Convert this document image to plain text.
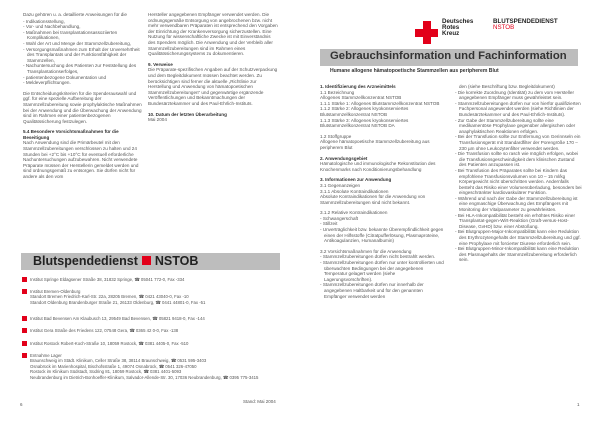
Dazu gehören u. a. detaillierte Anweisungen für die

- Indikationsstellung,
- Vor- und Nachbehandlung,
- Maßnahmen bei transplantationsassoziierten Komplikationen,
- Wahl der Art und Menge der Stammzellzubereitung,
- Versorgungsmaßnahmen zum Erhalt der Unversehrtheit des Transplantats und der Funktionsfähigkeit der Stammzellen,
- Nachuntersuchung des Patienten zur Feststellung des Transplantationserfolges,
- patientenbezogene Dokumentation und
- Meldeverpflichtungen.

Die Entscheidungskriterien für die Spenderauswahl und ggf. für eine spezielle Aufbereitung der Stammzellzubereitung sowie prophylaktische Maßnahmen bei der Anwendung und die Überwachung der Anwendung sind im Rahmen einer patientenbezogenen Qualitätssicherung festzulegen.

5.4 Besondere Vorsichtsmaßnahmen für die Beseitigung

Nach Anwendung sind die Primärbeutel mit den Stammzellzubereitungen verschlossen zu halten und 24 Stunden bei +2°C bis +10°C für eventuell erforderliche Nachuntersuchungen aufzubewahren. Nicht verwendete Präparate müssen der Herstellerin gemeldet werden und sind ordnungsgemäß zu entsorgen. Sie dürfen nicht für andere als den vom

Hersteller angegebenen Empfänger verwendet werden. Die ordnungsgemäße Entsorgung von angebrochenen bzw. nicht mehr verwendbaren Präparaten ist entsprechend den Vorgaben der Einrichtung der Krankenversorgung sicherzustellen. Eine Nutzung für wissenschaftliche Zwecke ist mit Einverständnis des Spenders möglich. Die Anwendung und der Verbleib aller Stammzellzubereitungen sind im Rahmen eines Qualitätssicherungssystems zu dokumentieren.

9. Verweise

Die Präparate-spezifischen Angaben auf der Schutzverpackung und dem Begleitdokument müssen beachtet werden. Zu berücksichtigen sind ferner die aktuelle „Richtlinie zur Herstellung und Anwendung von hämatopoetischen Stammzellzubereitungen“ und gegenwärtige ergänzende Veröffentlichungen und Bekanntmachungen der Bundesärztekammer und des Paul-Ehrlich-Instituts.

10. Datum der letzten Überarbeitung

Mai 2004

Blutspendedienst NSTOB
Institut Springe Eldagsener Straße 38, 31832 Springe, ☎ 05041 772-0, Fax -334
Institut Bremen-Oldenburg
Standort Bremen Friedrich-Karl-Str. 22a, 28205 Bremen, ☎ 0421 43040-0, Fax -10
Standort Oldenburg Brandenburger Straße 21, 26133 Oldenburg, ☎ 0441 44801-0, Fax -51
Institut Bad Bevensen Am Klaubusch 13, 29549 Bad Bevensen, ☎ 05821 9418-0, Fax -144
Institut Gera Straße des Friedens 122, 07548 Gera, ☎ 0365 42 0-0, Fax -138
Institut Rostock Robert-Koch-Straße 10, 18059 Rostock, ☎ 0381 4405-0, Fax -510
Entnahme Lager
Braunschweig im Städt. Klinikum, Celler Straße 38, 38114 Braunschweig, ☎ 0531 595-3403
Osnabrück im Marienhospital, Bischofsstraße 1, 49074 Osnabrück, ☎ 0541 326-47050
Rostock im Klinikum Südstadt, Südring 81, 18059 Rostock, ☎ 0381 4401-5093
Neubrandenburg im Dietrich-Bonhoeffer-Klinikum, Salvador-Allende-Str. 30, 17036 Neubrandenburg, ☎ 0395 775-3415
6
Stand: Mai 2004
Deutsches
Rotes
Kreuz
BLUTSPENDEDIENST
NSTOB
Gebrauchsinformation und Fachinformation
Humane allogene hämatopoetische Stammzellen aus peripherem Blut
1. Identifizierung des Arzneimittels
1.1 Bezeichnung
Allogenes Stammzellkonzentrat NSTOB
1.1.1 Stärke 1: Allogenes Blutstammzellkonzentrat NSTOB
1.1.2 Stärke 2: Allogenes kryokonserviertes Blutstammzellkonzentrat NSTOB

1.1.3 Stärke 3: Allogenes kryokonserviertes Blutstammzellkonzentrat NSTOB DA

1.2 Stoffgruppe

Allogene hämatopoetische Stammzellzubereitung aus peripherem Blut

2. Anwendungsgebiet

Hämatologische und immunologische Rekonstitution des Knochenmarks nach Konditionierungsbehandlung

3. Informationen zur Anwendung
3.1 Gegenanzeigen
3.1.1 Absolute Kontraindikationen

Absolute Kontraindikationen für die Anwendung von Stammzellzubereitungen sind nicht bekannt.

3.1.2 Relative Kontraindikationen
- Schwangerschaft
- Stillzeit
- Unverträglichkeit bzw. bekannte Überempfindlichkeit gegen einen der Hilfsstoffe (Citratpufferlösung, Plasmaproteine, Antikoagulanzien, Humanalbumin)
3.2 Vorsichtsmaßnahmen für die Anwendung
- Stammzellzubereitungen dürfen nicht bestrahlt werden.
- Stammzellzubereitungen dürfen nur unter kontrollierten und überwachten Bedingungen bei der angegebenen Temperatur gelagert werden (siehe Lagerungsvorschriften).
- Stammzellzubereitungen dürfen nur innerhalb der angegebenen Haltbarkeit und für den genannten Empfänger verwendet werden
den (siehe Beschriftung bzw. Begleitdokument)
- Die korrekte Zuordnung (Identität) zu dem vom Hersteller angegebenen Empfänger muss gewährleistet sein.
- Stammzellzubereitungen dürfen nur von hierfür qualifizierten Fachpersonal angewendet werden (siehe Richtlinien der Bundesärztekammer und des Paul-Ehrlich-Instituts).
- Zur Gabe der Stammzellzubereitung sollte eine medikamentöse Prophylaxe gegenüber allergischen oder anaphylaktischen Reaktionen erfolgen.
- Bei der Transfusion sollte zur Entfernung von Gerinnseln ein Transfusionsgerät mit Standardfilter der Porengröße 170 – 230 µm ohne Leukozytenfilter verwendet werden.
- Die Transfusion sollte so rasch wie möglich erfolgen, wobei die Transfusionsgeschwindigkeit dem klinischen Zustand des Patienten anzupassen ist.
- Bei Transfusion des Präparates sollte bei Kindern das empfohlene Transfusionsvolumen von 10 – 15 ml/kg Körpergewicht nicht überschritten werden. Andernfalls besteht das Risiko einer Volumenüberladung, besonders bei eingeschränkter kardiovaskulärer Funktion.
- Während und nach der Gabe der Stammzellzubereitung ist eine engmaschige Überwachung des Empfängers mit Monitoring der Vitalparameter zu gewährleisten.
- Bei HLA-Inkompatibilität besteht ein erhöhtes Risiko einer Transplantat-gegen-Wirt-Reaktion (Graft-versus-Host-Disease, GvHD) bzw. einer Abstoßung.
- Bei Blutgruppen-Major-Inkompatibilität kann eine Reduktion des Erythrozytengehalts der Stammzellzubereitung und ggf. eine Prophylaxe mit forcierter Diurese erforderlich sein.
- Bei Blutgruppen-Minor-Inkompatibilität kann eine Reduktion des Plasmagehalts der Stammzellzubereitung erforderlich sein.
1
